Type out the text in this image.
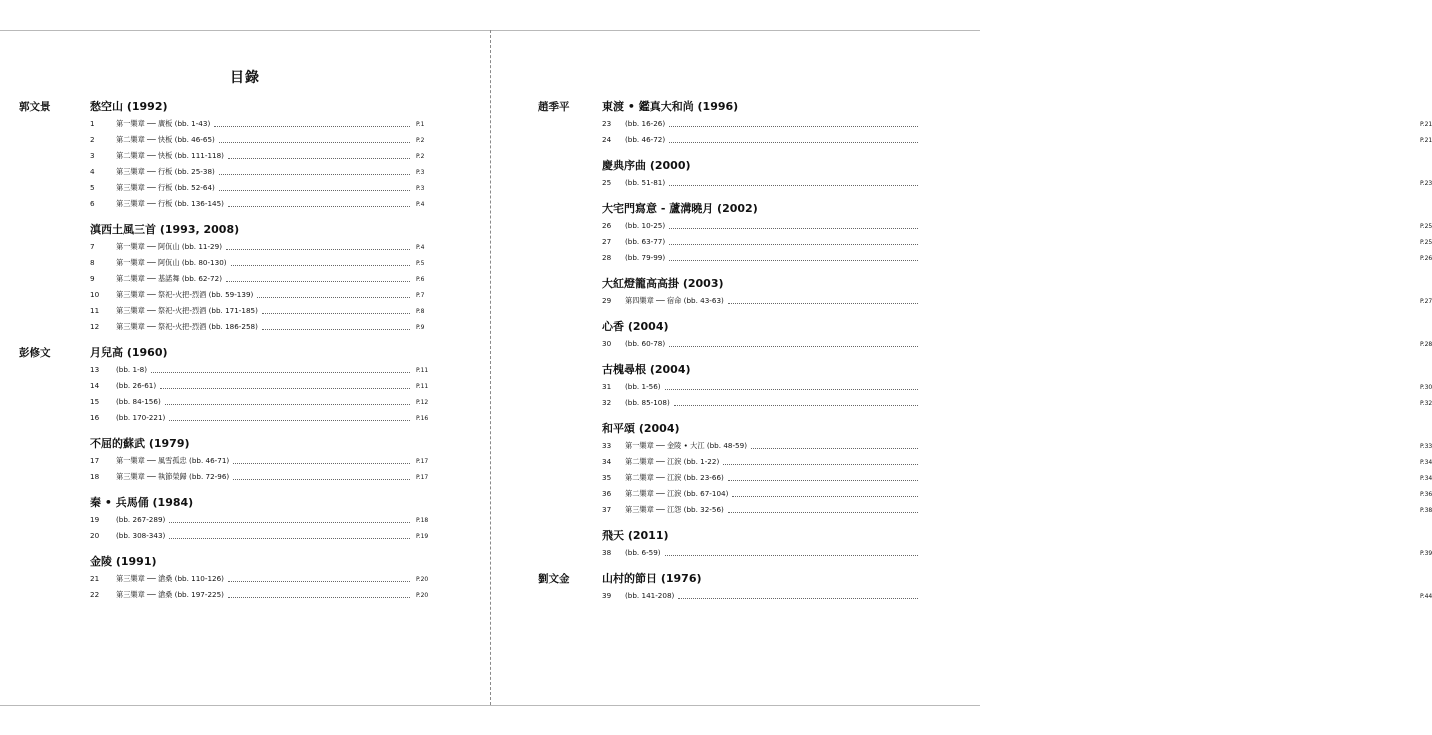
目錄
郭文景	愁空山 (1992)
1	第一樂章 ── 廣板 (bb. 1-43)	P.1
2	第二樂章 ── 快板 (bb. 46-65)	P.2
3	第二樂章 ── 快板 (bb. 111-118)	P.2
4	第三樂章 ── 行板 (bb. 25-38)	P.3
5	第三樂章 ── 行板 (bb. 52-64)	P.3
6	第三樂章 ── 行板 (bb. 136-145)	P.4
滇西土風三首 (1993, 2008)
7	第一樂章 ── 阿佤山 (bb. 11-29)	P.4
8	第一樂章 ── 阿佤山 (bb. 80-130)	P.5
9	第二樂章 ── 基諾舞 (bb. 62-72)	P.6
10 第三樂章 ── 祭祀-火把-烈酒 (bb. 59-139)	P.7
11 第三樂章 ── 祭祀-火把-烈酒 (bb. 171-185)	P.8
12 第三樂章 ── 祭祀-火把-烈酒 (bb. 186-258)	P.9
彭修文	月兒高 (1960)
13 (bb. 1-8)	P.11
14 (bb. 26-61)	P.11
15 (bb. 84-156)	P.12
16 (bb. 170-221)	P.16
不屈的蘇武 (1979)
17 第一樂章 ── 風雪孤忠 (bb. 46-71)	P.17
18 第三樂章 ── 執節榮歸 (bb. 72-96)	P.17
秦 • 兵馬俑 (1984)
19 (bb. 267-289)	P.18
20 (bb. 308-343)	P.19
金陵 (1991)
21 第三樂章 ── 滄桑 (bb. 110-126)	P.20
22 第三樂章 ── 滄桑 (bb. 197-225)	P.20
趙季平	東渡 • 鑑真大和尚 (1996)
23 (bb. 16-26)	P.21
24 (bb. 46-72)	P.21
慶典序曲 (2000)
25 (bb. 51-81)	P.23
大宅門寫意 - 蘆溝曉月 (2002)
26 (bb. 10-25)	P.25
27 (bb. 63-77)	P.25
28 (bb. 79-99)	P.26
大紅燈籠高高掛 (2003)
29 第四樂章 ── 宿命 (bb. 43-63)	P.27
心香 (2004)
30 (bb. 60-78)	P.28
古槐尋根 (2004)
31 (bb. 1-56)	P.30
32 (bb. 85-108)	P.32
和平頌 (2004)
33 第一樂章 ── 金陵 • 大江 (bb. 48-59)	P.33
34 第二樂章 ── 江淚 (bb. 1-22)	P.34
35 第二樂章 ── 江淚 (bb. 23-66)	P.34
36 第二樂章 ── 江淚 (bb. 67-104)	P.36
37 第三樂章 ── 江怨 (bb. 32-56)	P.38
飛天 (2011)
38 (bb. 6-59)	P.39
劉文金	山村的節日 (1976)
39 (bb. 141-208)	P.44
